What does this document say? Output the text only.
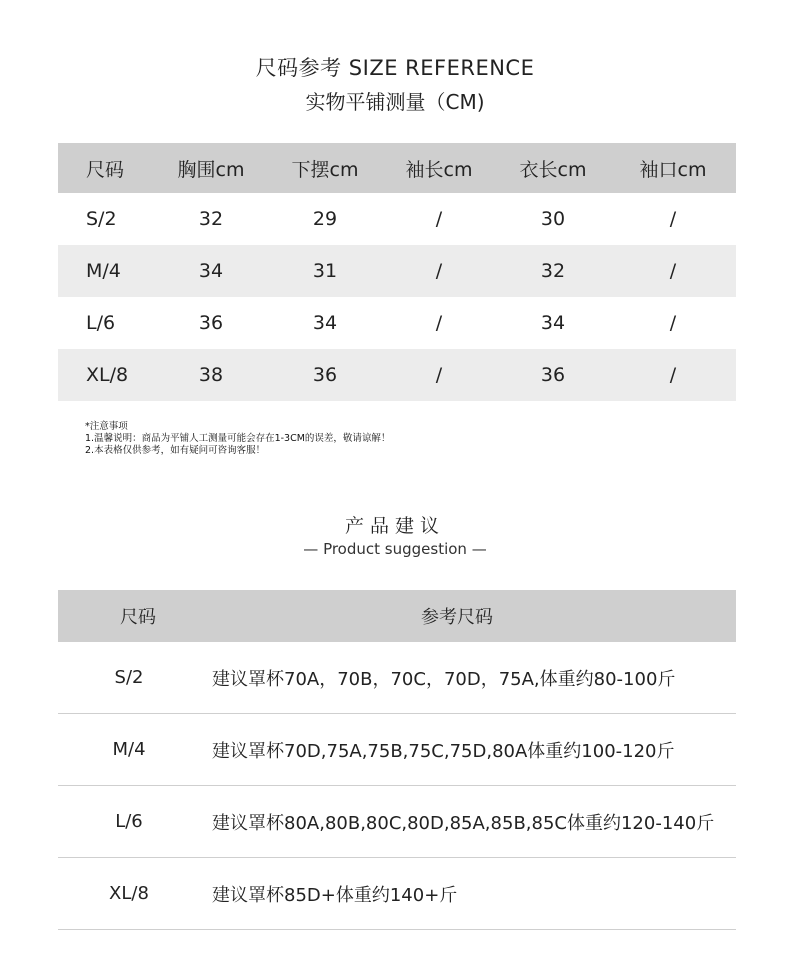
尺码参考 SIZE REFERENCE
实物平铺测量（CM)
尺码	胸围cm	下摆cm	袖长cm	衣长cm	袖口cm
S/2	32	29	/	30	/
M/4	34	31	/	32	/
L/6	36	34	/	34	/
XL/8	38	36	/	36	/
*注意事项
1.温馨说明：商品为平铺人工测量可能会存在1-3CM的误差，敬请谅解！
2.本表格仅供参考，如有疑问可咨询客服！
产品建议
— Product suggestion —
尺码	参考尺码
S/2	建议罩杯70A，70B，70C，70D，75A,体重约80-100斤
M/4	建议罩杯70D,75A,75B,75C,75D,80A体重约100-120斤
L/6	建议罩杯80A,80B,80C,80D,85A,85B,85C体重约120-140斤
XL/8	建议罩杯85D+体重约140+斤
